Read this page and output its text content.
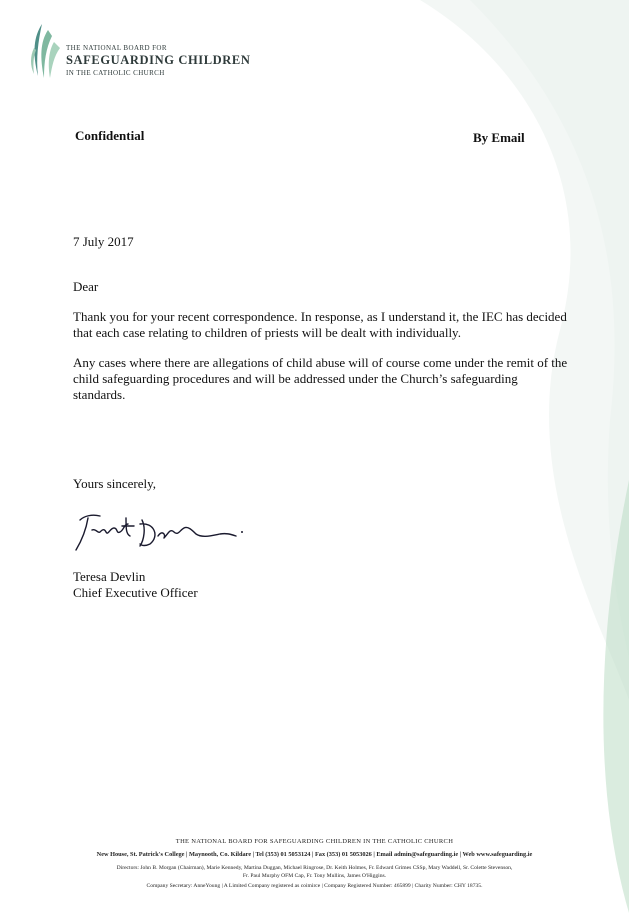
THE NATIONAL BOARD FOR
SAFEGUARDING CHILDREN
IN THE CATHOLIC CHURCH
Confidential	By Email
7 July 2017
Dear
Thank you for your recent correspondence. In response, as I understand it, the IEC has decided that each case relating to children of priests will be dealt with individually.
Any cases where there are allegations of child abuse will of course come under the remit of the child safeguarding procedures and will be addressed under the Church’s safeguarding standards.
Yours sincerely,
Teresa Devlin
Chief Executive Officer
THE NATIONAL BOARD FOR SAFEGUARDING CHILDREN IN THE CATHOLIC CHURCH
New House, St. Patrick's College | Maynooth, Co. Kildare | Tel (353) 01 5053124 | Fax (353) 01 5053026 | Email admin@safeguarding.ie | Web www.safeguarding.ie
Directors: John B. Morgan (Chairman), Marie Kennedy, Martina Duggan, Michael Ringrose, Dr. Keith Holmes, Fr. Edward Grimes CSSp, Mary Waddell, Sr. Colette Stevenson,
Fr. Paul Murphy OFM Cap, Fr. Tony Mullins, James O'Higgins.
Company Secretary: AnneYoung | A Limited Company registered as coimirce | Company Registered Number: 465899 | Charity Number: CHY 18735.
